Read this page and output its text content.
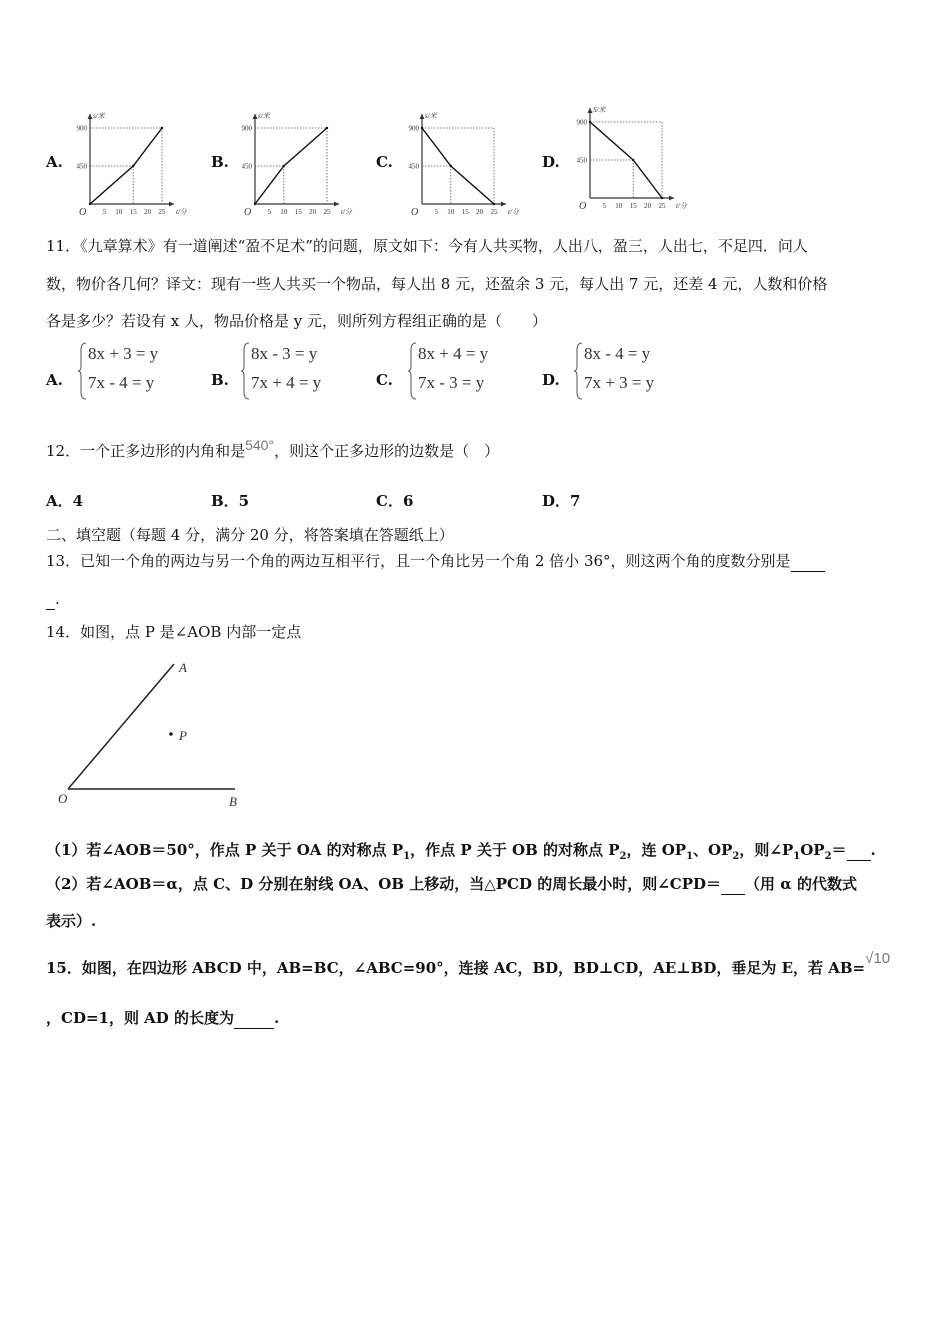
A.
s/米
t/分
O
900
450
5 10 15 20 25
B.
s/米
t/分
O
900
450
5 10 15 20 25
C.
s/米
t/分
O
900
450
5 10 15 20 25
D.
S/米
t/分
O
900
450
5 10 15 20 25
11．《九章算术》有一道阐述“盈不足术”的问题，原文如下：今有人共买物，人出八，盈三，人出七，不足四．问人
数，物价各几何？译文：现有一些人共买一个物品，每人出 8 元，还盈余 3 元，每人出 7 元，还差 4 元，人数和价格
各是多少？若设有 x 人，物品价格是 y 元，则所列方程组正确的是（　　）
A.
8x + 3 = y
7x - 4 = y	B.
8x - 3 = y
7x + 4 = y	C.
8x + 4 = y
7x - 3 = y	D.
8x - 4 = y
7x + 3 = y
12．一个正多边形的内角和是540°，则这个正多边形的边数是（　）
A．4	B．5	C．6	D．7
二、填空题（每题 4 分，满分 20 分，将答案填在答题纸上）
13．已知一个角的两边与另一个角的两边互相平行，且一个角比另一个角 2 倍小 36°，则这两个角的度数分别是
.
14．如图，点 P 是∠AOB 内部一定点
A
P
O	B
（1）若∠AOB＝50°，作点 P 关于 OA 的对称点 $P_1$，作点 P 关于 OB 的对称点 $P_2$，连 $OP_1$、$OP_2$，则$\angle P_1OP_2=$ .
（2）若∠AOB＝α，点 C、D 分别在射线 OA、OB 上移动，当△PCD 的周长最小时，则∠CPD＝ （用 α 的代数式
表示）.
15．如图，在四边形 ABCD 中，AB=BC，∠ABC=90°，连接 AC，BD，BD⊥CD，AE⊥BD，垂足为 E，若 AB=√10
，CD=1，则 AD 的长度为	.
